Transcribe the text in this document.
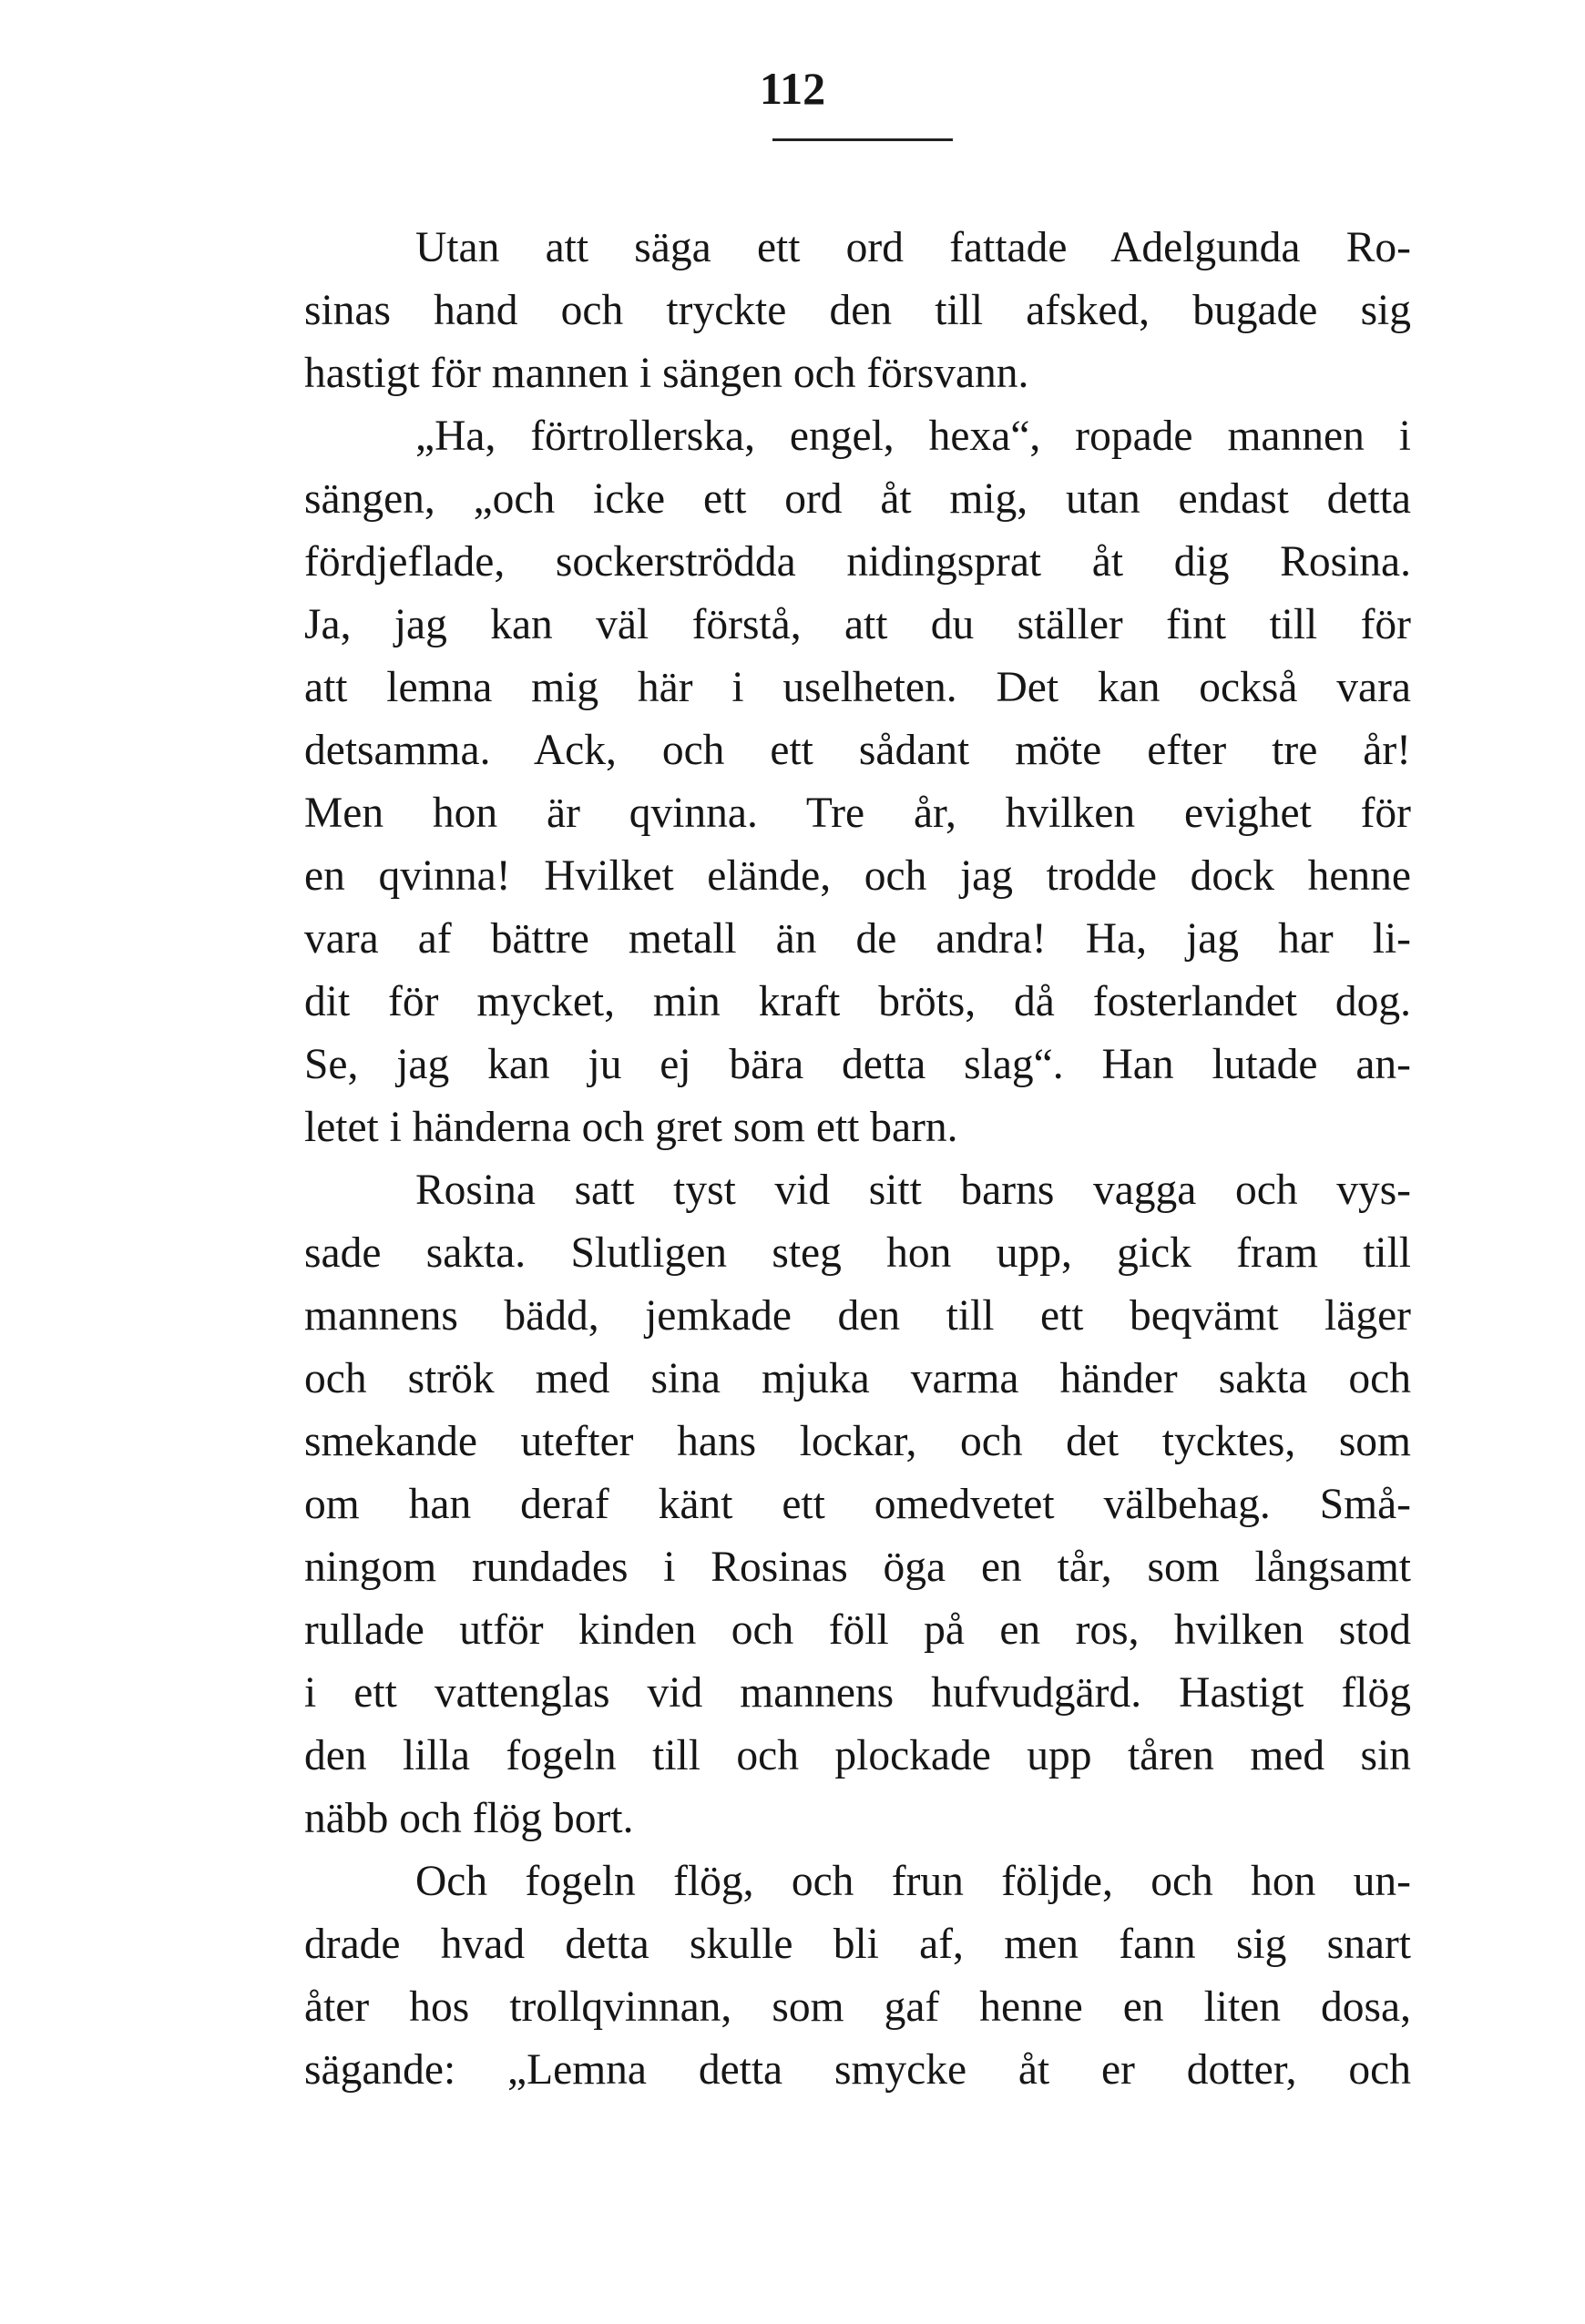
112
Utan att säga ett ord fattade Adelgunda Ro-
sinas hand och tryckte den till afsked, bugade sig
hastigt för mannen i sängen och försvann.
„Ha, förtrollerska, engel, hexa“, ropade mannen i
sängen, „och icke ett ord åt mig, utan endast detta
fördjeflade, sockerströdda nidingsprat åt dig Rosina.
Ja, jag kan väl förstå, att du ställer fint till för
att lemna mig här i uselheten. Det kan också vara
detsamma. Ack, och ett sådant möte efter tre år!
Men hon är qvinna. Tre år, hvilken evighet för
en qvinna! Hvilket elände, och jag trodde dock henne
vara af bättre metall än de andra! Ha, jag har li-
dit för mycket, min kraft bröts, då fosterlandet dog.
Se, jag kan ju ej bära detta slag“. Han lutade an-
letet i händerna och gret som ett barn.
Rosina satt tyst vid sitt barns vagga och vys-
sade sakta. Slutligen steg hon upp, gick fram till
mannens bädd, jemkade den till ett beqvämt läger
och strök med sina mjuka varma händer sakta och
smekande utefter hans lockar, och det tycktes, som
om han deraf känt ett omedvetet välbehag. Små-
ningom rundades i Rosinas öga en tår, som långsamt
rullade utför kinden och föll på en ros, hvilken stod
i ett vattenglas vid mannens hufvudgärd. Hastigt flög
den lilla fogeln till och plockade upp tåren med sin
näbb och flög bort.
Och fogeln flög, och frun följde, och hon un-
drade hvad detta skulle bli af, men fann sig snart
åter hos trollqvinnan, som gaf henne en liten dosa,
sägande: „Lemna detta smycke åt er dotter, och
